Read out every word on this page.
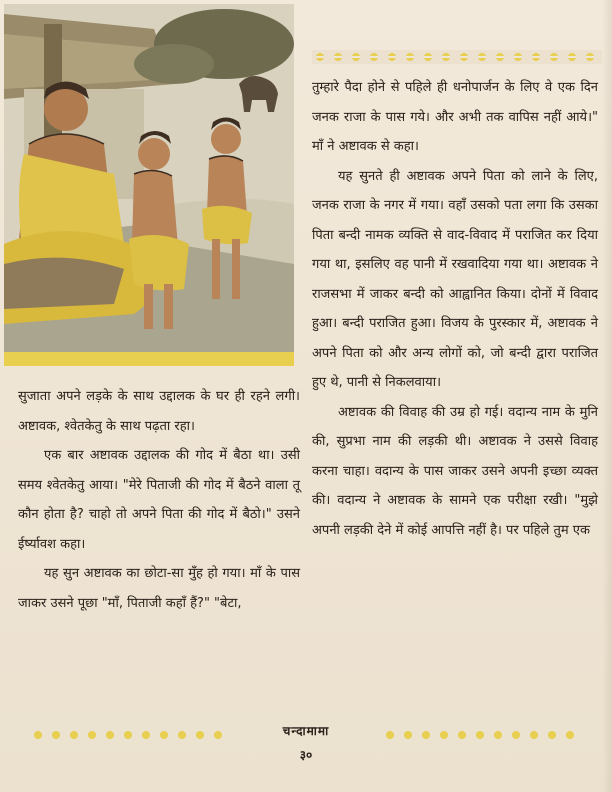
तुम्हारे पैदा होने से पहिले ही धनोपार्जन के लिए वे एक दिन जनक राजा के पास गये। और अभी तक वापिस नहीं आये।" माँ ने अष्टावक से कहा।

यह सुनते ही अष्टावक अपने पिता को लाने के लिए, जनक राजा के नगर में गया। वहाँ उसको पता लगा कि उसका पिता बन्दी नामक व्यक्ति से वाद-विवाद में पराजित कर दिया गया था, इसलिए वह पानी में रखवादिया गया था। अष्टावक ने राजसभा में जाकर बन्दी को आह्वानित किया। दोनों में विवाद हुआ। बन्दी पराजित हुआ। विजय के पुरस्कार में, अष्टावक ने अपने पिता को और अन्य लोगों को, जो बन्दी द्वारा पराजित हुए थे, पानी से निकलवाया।

अष्टावक की विवाह की उम्र हो गई। वदान्य नाम के मुनि की, सुप्रभा नाम की लड़की थी। अष्टावक ने उससे विवाह करना चाहा। वदान्य के पास जाकर उसने अपनी इच्छा व्यक्त की। वदान्य ने अष्टावक के सामने एक परीक्षा रखी। "मुझे अपनी लड़की देने में कोई आपत्ति नहीं है। पर पहिले तुम एक

सुजाता अपने लड़के के साथ उद्दालक के घर ही रहने लगी। अष्टावक, श्वेतकेतु के साथ पढ़ता रहा।

एक बार अष्टावक उद्दालक की गोद में बैठा था। उसी समय श्वेतकेतु आया। "मेरे पिताजी की गोद में बैठने वाला तू कौन होता है? चाहो तो अपने पिता की गोद में बैठो।" उसने ईर्ष्यावश कहा।

यह सुन अष्टावक का छोटा-सा मुँह हो गया। माँ के पास जाकर उसने पूछा "माँ, पिताजी कहाँ हैं?" "बेटा,

चन्दामामा
३०
